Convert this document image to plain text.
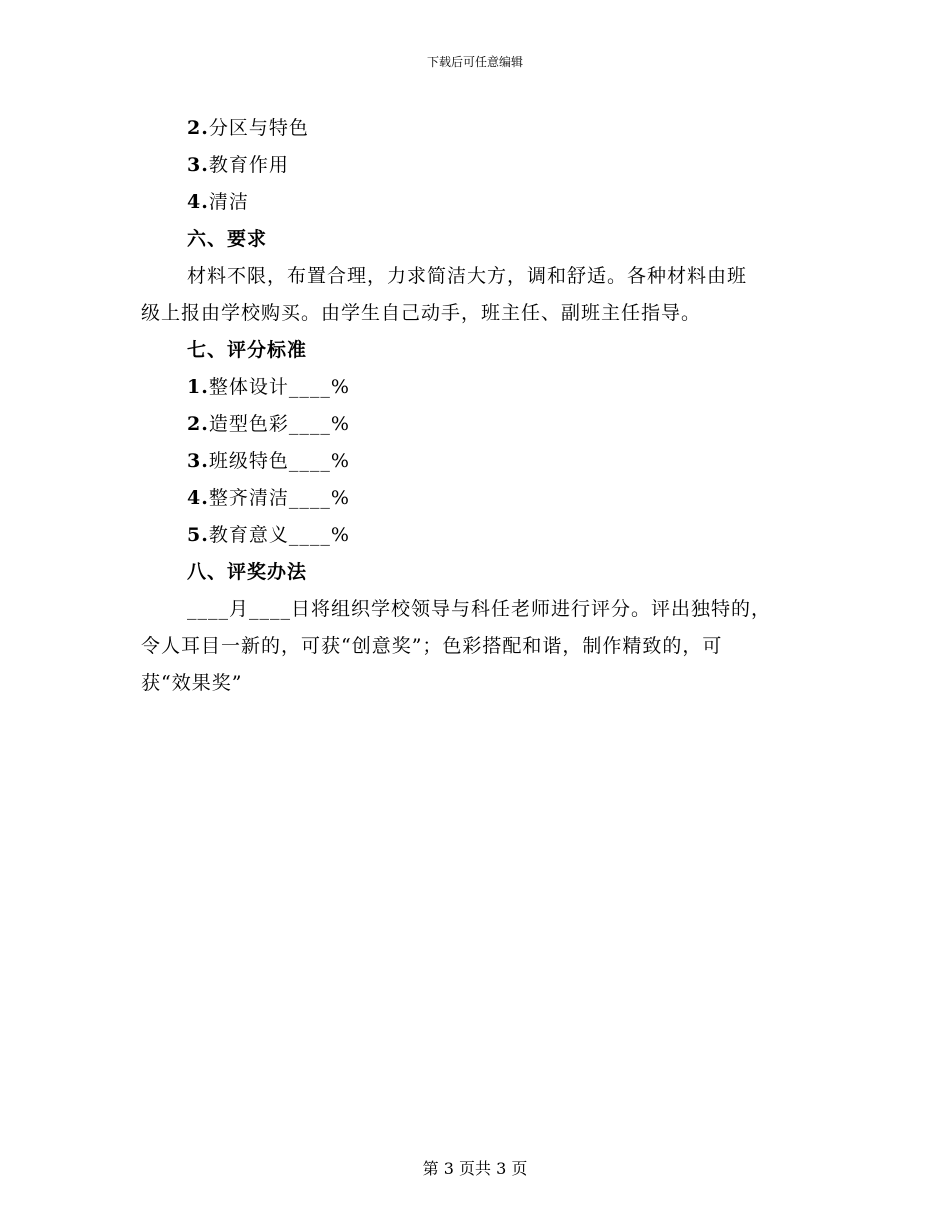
下载后可任意编辑
2.分区与特色
3.教育作用
4.清洁
六、要求
材料不限，布置合理，力求简洁大方，调和舒适。各种材料由班
级上报由学校购买。由学生自己动手，班主任、副班主任指导。
七、评分标准
1.整体设计____%
2.造型色彩____%
3.班级特色____%
4.整齐清洁____%
5.教育意义____%
八、评奖办法
____月____日将组织学校领导与科任老师进行评分。评出独特的，
令人耳目一新的，可获“创意奖”；色彩搭配和谐，制作精致的，可
获“效果奖”
第 3 页共 3 页
